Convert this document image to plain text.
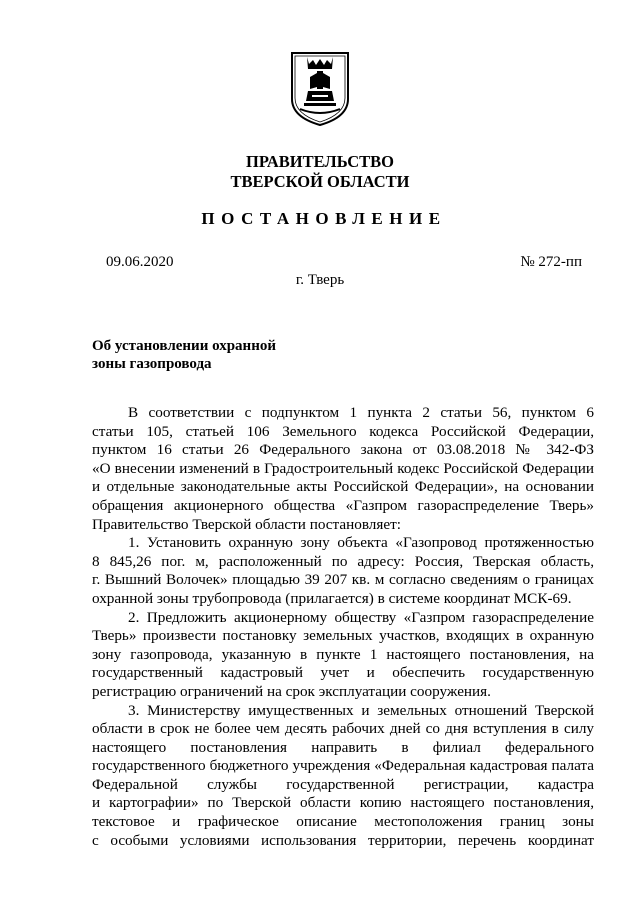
ПРАВИТЕЛЬСТВО
ТВЕРСКОЙ ОБЛАСТИ
ПОСТАНОВЛЕНИЕ
09.06.2020	№ 272-пп
г. Тверь
Об установлении охранной
зоны газопровода
В соответствии с подпунктом 1 пункта 2 статьи 56, пунктом 6
статьи 105, статьей 106 Земельного кодекса Российской Федерации,
пунктом 16 статьи 26 Федерального закона от 03.08.2018 № 342-ФЗ
«О внесении изменений в Градостроительный кодекс Российской Федерации
и отдельные законодательные акты Российской Федерации», на основании
обращения акционерного общества «Газпром газораспределение Тверь»
Правительство Тверской области постановляет:
1. Установить охранную зону объекта «Газопровод протяженностью
8 845,26 пог. м, расположенный по адресу: Россия, Тверская область,
г. Вышний Волочек» площадью 39 207 кв. м согласно сведениям о границах
охранной зоны трубопровода (прилагается) в системе координат МСК-69.
2. Предложить акционерному обществу «Газпром газораспределение
Тверь» произвести постановку земельных участков, входящих в охранную
зону газопровода, указанную в пункте 1 настоящего постановления, на
государственный кадастровый учет и обеспечить государственную
регистрацию ограничений на срок эксплуатации сооружения.
3. Министерству имущественных и земельных отношений Тверской
области в срок не более чем десять рабочих дней со дня вступления в силу
настоящего постановления направить в филиал федерального
государственного бюджетного учреждения «Федеральная кадастровая палата
Федеральной службы государственной регистрации, кадастра
и картографии» по Тверской области копию настоящего постановления,
текстовое и графическое описание местоположения границ зоны
с особыми условиями использования территории, перечень координат
